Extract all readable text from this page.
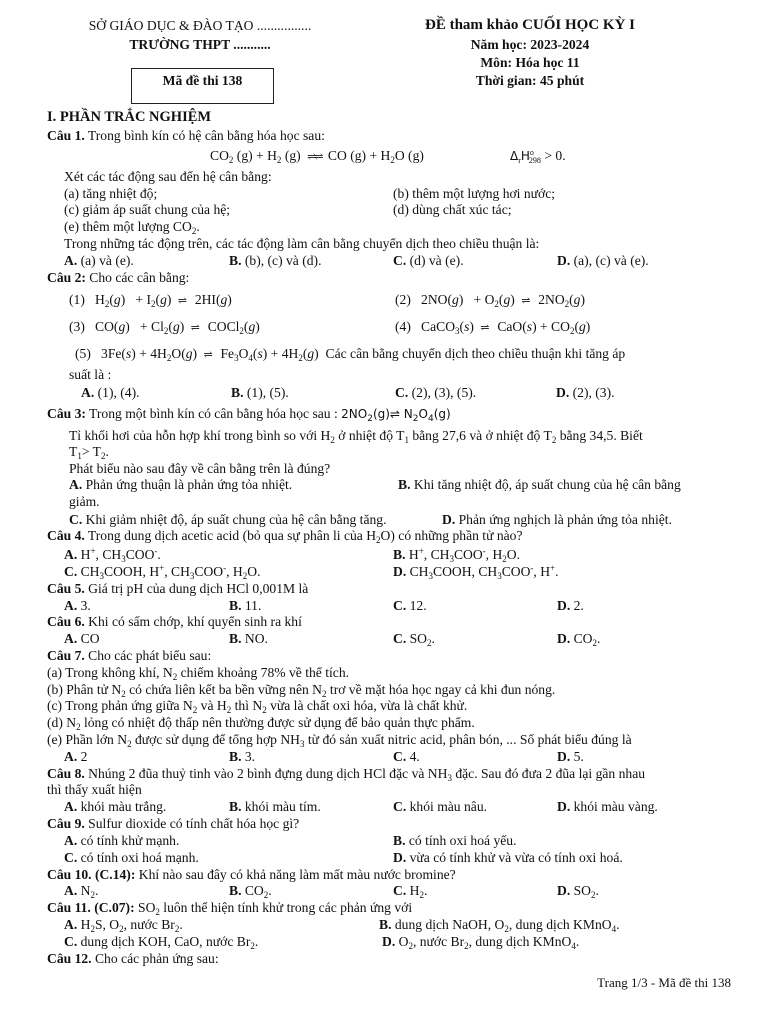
SỞ GIÁO DỤC & ĐÀO TẠO ................
TRƯỜNG THPT ...........
Mã đề thi 138
ĐỀ tham khảo CUỐI HỌC KỲ I
Năm học: 2023-2024
Môn: Hóa học 11
Thời gian: 45 phút
I. PHẦN TRẮC NGHIỆM
Câu 1. Trong bình kín có hệ cân bằng hóa học sau:
$CO_2$ $(g) + H_2$ (g) ⇌⇌ CO $(g) + H_2O$ (g)	$\Delta_rH^o_{298} > 0$.
Xét các tác động sau đến hệ cân bằng:
(a) tăng nhiệt độ;	(b) thêm một lượng hơi nước;
(c) giảm áp suất chung của hệ;	(d) dùng chất xúc tác;
(e) thêm một lượng $CO_2$.
Trong những tác động trên, các tác động làm cân bằng chuyển dịch theo chiều thuận là:
A. (a) và (e).	B. (b), (c) và (d).	C. (d) và (e).	D. (a), (c) và (e).
Câu 2: Cho các cân bằng:
(1)   $H_2(g) + I_2(g)$ ⇌  2HI(g)	(2)   $2NO(g) + O_2(g)$ ⇌  $2NO_2(g)$
(3)   $CO(g) + Cl_2(g)$ ⇌  COCl$_2$(g)	(4)   CaCO$_3$(s) ⇌  $CaO(s) + CO_2(g)$
(5)   $3Fe(s) + 4H_2O(g)$ ⇌  $Fe_3O_4(s) + 4H_2(g)$  Các cân bằng chuyển dịch theo chiều thuận khi tăng áp
suất là :
A. (1), (4).	B. (1), (5).	C. (2), (3), (5).	D. (2), (3).
Câu 3: Trong một bình kín có cân bằng hóa học sau : $2NO_2(g)\rightleftharpoons$ $N_2O_4(g)$
Tỉ khối hơi của hỗn hợp khí trong bình so với $H_2$ ở nhiệt độ $T_1$ bằng 27,6 và ở nhiệt độ $T_2$ bằng 34,5. Biết
$T_1> T_2$.
Phát biểu nào sau đây về cân bằng trên là đúng?
A. Phản ứng thuận là phản ứng tỏa nhiệt.	B. Khi tăng nhiệt độ, áp suất chung của hệ cân bằng
giảm.
C. Khi giảm nhiệt độ, áp suất chung của hệ cân bằng tăng.	D. Phản ứng nghịch là phản ứng tỏa nhiệt.
Câu 4. Trong dung dịch acetic acid (bỏ qua sự phân li của $H_2O$) có những phần tử nào?
A. H+, $CH_3COO^-$.	B. H+, $CH_3COO^-$, $H_2O$.
C. $CH_3COOH$, H+, $CH_3COO^-$, $H_2O$.	D. $CH_3COOH$, $CH_3COO^-$, H+.
Câu 5. Giá trị pH của dung dịch HCl 0,001M là
A. 3.	B. 11.	C. 12.	D. 2.
Câu 6. Khi có sấm chớp, khí quyển sinh ra khí
A. CO	B. NO.	C. $SO_2$.	D. $CO_2$.
Câu 7. Cho các phát biểu sau:
(a) Trong không khí, $N_2$ chiếm khoảng 78% về thể tích.
(b) Phân tử $N_2$ có chứa liên kết ba bền vững nên $N_2$ trơ về mặt hóa học ngay cả khi đun nóng.
(c) Trong phản ứng giữa $N_2$ và $H_2$ thì $N_2$ vừa là chất oxi hóa, vừa là chất khử.
(d) $N_2$ lỏng có nhiệt độ thấp nên thường được sử dụng để bảo quản thực phẩm.
(e) Phần lớn $N_2$ được sử dụng để tổng hợp $NH_3$ từ đó sản xuất nitric acid, phân bón, ... Số phát biểu đúng là
A. 2	B. 3.	C. 4.	D. 5.
Câu 8. Nhúng 2 đũa thuỷ tinh vào 2 bình đựng dung dịch HCl đặc và $NH_3$ đặc. Sau đó đưa 2 đũa lại gần nhau
thì thấy xuất hiện
A. khói màu trắng.	B. khói màu tím.	C. khói màu nâu.	D. khói màu vàng.
Câu 9. Sulfur dioxide có tính chất hóa học gì?
A. có tính khử mạnh.	B. có tính oxi hoá yếu.
C. có tính oxi hoá mạnh.	D. vừa có tính khử và vừa có tính oxi hoá.
Câu 10. (C.14): Khí nào sau đây có khả năng làm mất màu nước bromine?
A. $N_2$.	B. $CO_2$.	C. $H_2$.	D. $SO_2$.
Câu 11. (C.07): $SO_2$ luôn thể hiện tính khử trong các phản ứng với
A. $H_2S$, $O_2$, nước $Br_2$.	B. dung dịch NaOH, $O_2$, dung dịch KMnO$_4$.
C. dung dịch KOH, CaO, nước $Br_2$.	D. $O_2$, nước $Br_2$, dung dịch KMnO$_4$.
Câu 12. Cho các phản ứng sau:
Trang 1/3 - Mã đề thi 138
